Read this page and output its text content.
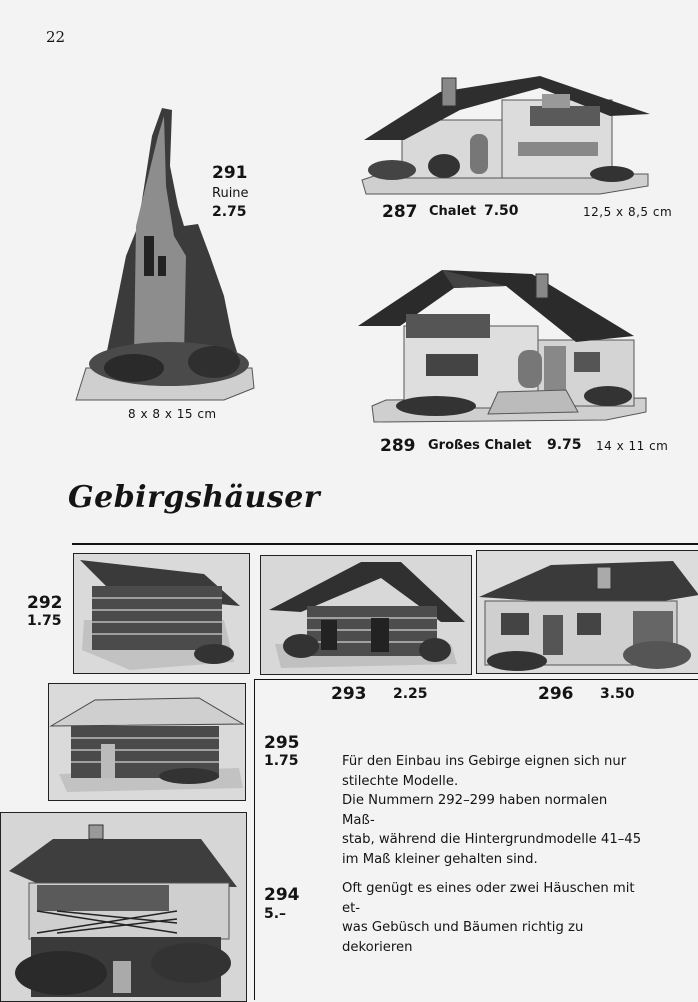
22
291
Ruine
2.75
8 x 8 x 15 cm
287 Chalet 7.50	12,5 x 8,5 cm
289 Großes Chalet 9.75 14 x 11 cm
Gebirgshäuser
292
1.75
293 2.25	296 3.50
295
1.75
294
5.–

Für den Einbau ins Gebirge eignen sich nur
stilechte Modelle.
Die Nummern 292–299 haben normalen Maß-
stab, während die Hintergrundmodelle 41–45
im Maß kleiner gehalten sind.

Oft genügt es eines oder zwei Häuschen mit et-
was Gebüsch und Bäumen richtig zu dekorieren
